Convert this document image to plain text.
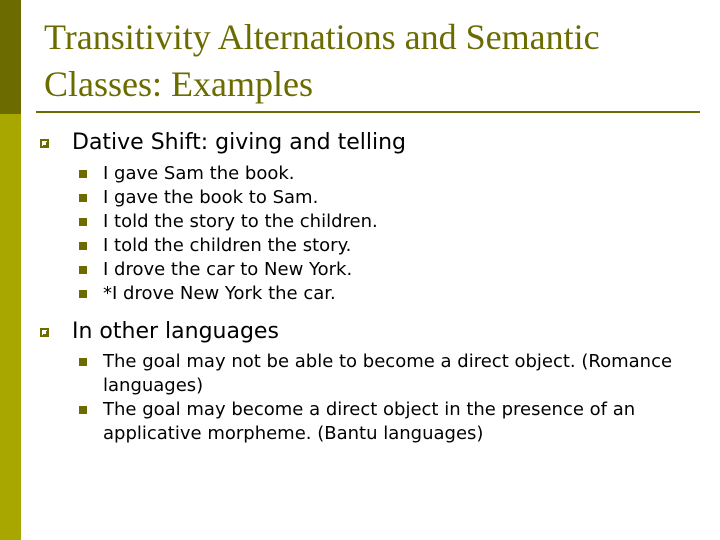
Transitivity Alternations and Semantic
Classes: Examples
Dative Shift: giving and telling
I gave Sam the book.
I gave the book to Sam.
I told the story to the children.
I told the children the story.
I drove the car to New York.
*I drove New York the car.
In other languages
The goal may not be able to become a direct object. (Romance languages)
The goal may become a direct object in the presence of an applicative morpheme. (Bantu languages)
